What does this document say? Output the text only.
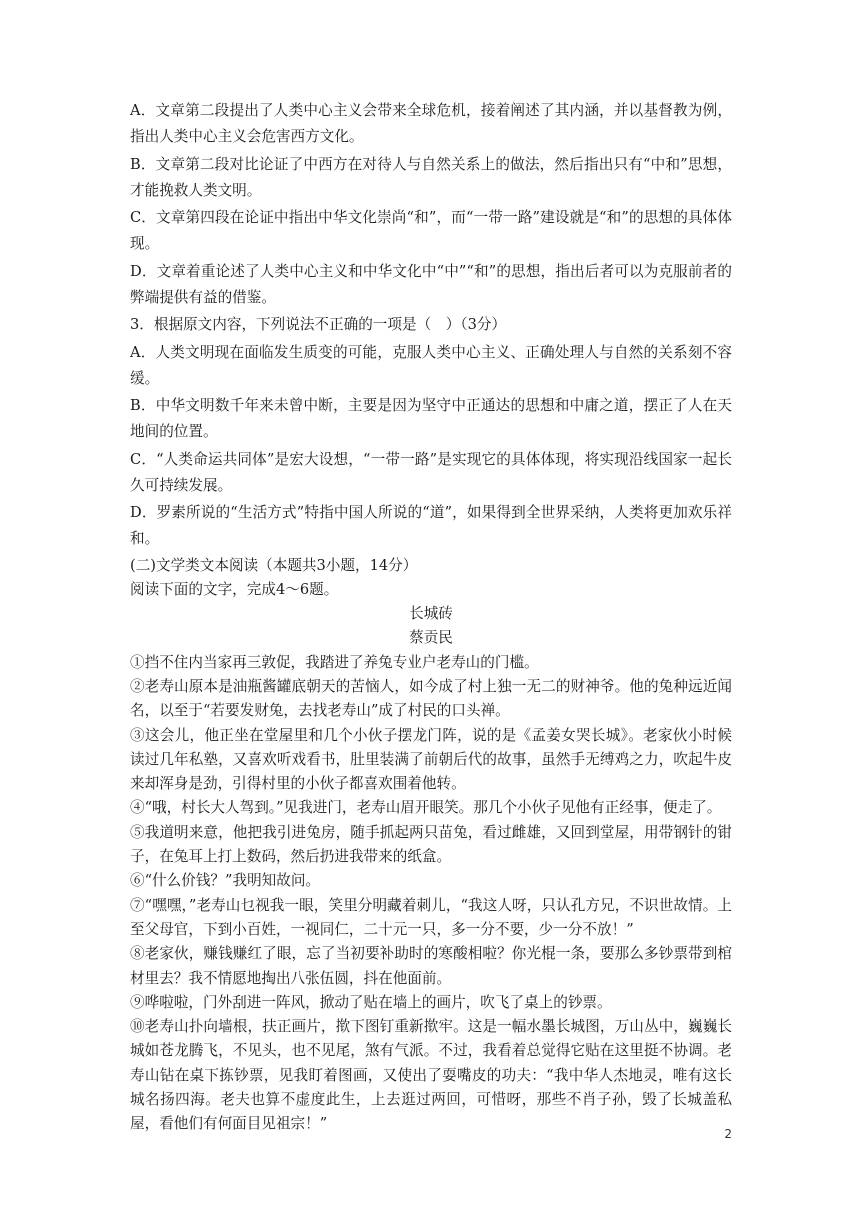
A．文章第二段提出了人类中心主义会带来全球危机，接着阐述了其内涵，并以基督教为例，指出人类中心主义会危害西方文化。

B．文章第二段对比论证了中西方在对待人与自然关系上的做法，然后指出只有“中和”思想，才能挽救人类文明。

C．文章第四段在论证中指出中华文化崇尚“和”，而“一带一路”建设就是“和”的思想的具体体现。

D．文章着重论述了人类中心主义和中华文化中“中”“和”的思想，指出后者可以为克服前者的弊端提供有益的借鉴。

3．根据原文内容，下列说法不正确的一项是（　）（3分）

A．人类文明现在面临发生质变的可能，克服人类中心主义、正确处理人与自然的关系刻不容缓。

B．中华文明数千年来未曾中断，主要是因为坚守中正通达的思想和中庸之道，摆正了人在天地间的位置。

C．“人类命运共同体”是宏大设想，“一带一路”是实现它的具体体现，将实现沿线国家一起长久可持续发展。

D．罗素所说的“生活方式”特指中国人所说的“道”，如果得到全世界采纳，人类将更加欢乐祥和。

(二)文学类文本阅读（本题共3小题，14分）

阅读下面的文字，完成4～6题。

长城砖

蔡贡民

①挡不住内当家再三敦促，我踏进了养兔专业户老寿山的门槛。

②老寿山原本是油瓶酱罐底朝天的苦恼人，如今成了村上独一无二的财神爷。他的兔种远近闻名，以至于“若要发财兔，去找老寿山”成了村民的口头禅。

③这会儿，他正坐在堂屋里和几个小伙子摆龙门阵，说的是《孟姜女哭长城》。老家伙小时候读过几年私塾，又喜欢听戏看书，肚里装满了前朝后代的故事，虽然手无缚鸡之力，吹起牛皮来却浑身是劲，引得村里的小伙子都喜欢围着他转。

④“哦，村长大人驾到。”见我进门，老寿山眉开眼笑。那几个小伙子见他有正经事，便走了。

⑤我道明来意，他把我引进兔房，随手抓起两只苗兔，看过雌雄，又回到堂屋，用带钢针的钳子，在兔耳上打上数码，然后扔进我带来的纸盒。

⑥“什么价钱？”我明知故问。

⑦“嘿嘿，”老寿山乜视我一眼，笑里分明藏着刺儿，“我这人呀，只认孔方兄，不识世故情。上至父母官，下到小百姓，一视同仁，二十元一只，多一分不要，少一分不放！”

⑧老家伙，赚钱赚红了眼，忘了当初要补助时的寒酸相啦？你光棍一条，要那么多钞票带到棺材里去？我不情愿地掏出八张伍圆，抖在他面前。

⑨哗啦啦，门外刮进一阵风，掀动了贴在墙上的画片，吹飞了桌上的钞票。

⑩老寿山扑向墙根，扶正画片，揿下图钉重新揿牢。这是一幅水墨长城图，万山丛中，巍巍长城如苍龙腾飞，不见头，也不见尾，煞有气派。不过，我看着总觉得它贴在这里挺不协调。老寿山钻在桌下拣钞票，见我盯着图画，又使出了耍嘴皮的功夫：“我中华人杰地灵，唯有这长城名扬四海。老夫也算不虚度此生，上去逛过两回，可惜呀，那些不肖子孙，毁了长城盖私屋，看他们有何面目见祖宗！”

2
